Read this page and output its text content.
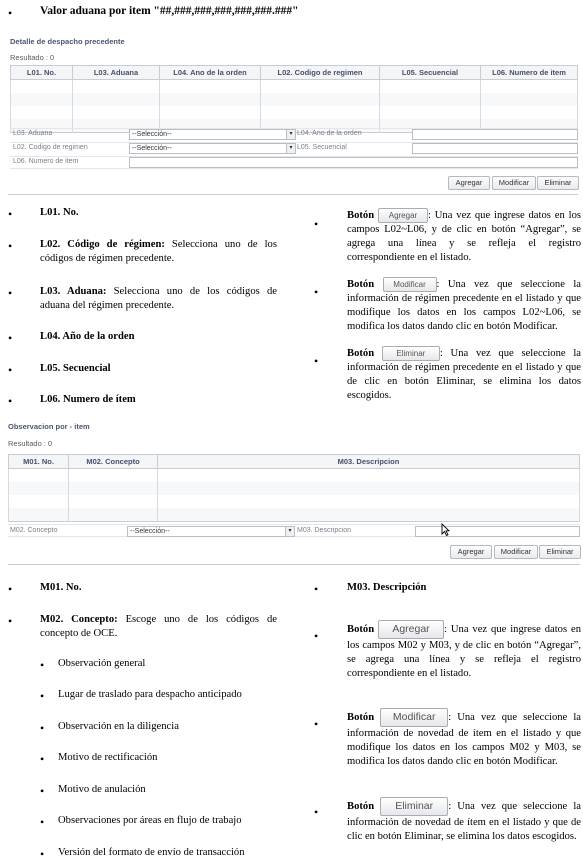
• Valor aduana por item "##,###,###,###,###,###.###"
Detalle de despacho precedente
Resultado : 0
L01. No.	L03. Aduana	L04. Ano de la orden	L02. Codigo de regimen	L05. Secuencial	L06. Numero de item

L03. Aduana	--Selección--	▾ L04. Ano de la orden
L02. Codigo de regimen	--Selección--	▾ L05. Secuencial
L06. Numero de item
Agregar	Modificar	Eliminar
•	L01. No.
•	L02. Código de régimen: Selecciona uno de los códigos de régimen precedente.
•	L03. Aduana: Selecciona uno de los códigos de aduana del régimen precedente.
•	L04. Año de la orden
•	L05. Secuencial
•	L06. Numero de ítem
•
Botón Agregar : Una vez que ingrese datos en los campos L02~L06, y de clic en botón “Agregar”, se agrega una línea y se refleja el registro correspondiente en el listado.
•
Botón Modificar : Una vez que seleccione la información de régimen precedente en el listado y que modifique los datos en los campos L02~L06, se modifica los datos dando clic en botón Modificar.
•
Botón	Eliminar : Una vez que seleccione la información de régimen precedente en el listado y que de clic en botón Eliminar, se elimina los datos escogidos.
Observacion por - item
Resultado : 0
M01. No.	M02. Concepto	M03. Descripcion

M02. Concepto	--Selección--	▾ M03. Descripcion
Agregar	Modificar	Eliminar
•	M01. No.
•	M02. Concepto: Escoge uno de los códigos de concepto de OCE.
• Observación general
• Lugar de traslado para despacho anticipado
• Observación en la diligencia
• Motivo de rectificación
• Motivo de anulación
• Observaciones por áreas en flujo de trabajo
• Versión del formato de envío de transacción
•	M03. Descripción
•	Botón Agregar : Una vez que ingrese datos en los campos M02 y M03, y de clic en botón “Agregar”, se agrega una línea y se refleja el registro correspondiente en el listado.
•	Botón Modificar : Una vez que seleccione la información de novedad de ítem en el listado y que modifique los datos en los campos M02 y M03, se modifica los datos dando clic en botón Modificar.
•	Botón Eliminar : Una vez que seleccione la información de novedad de ítem en el listado y que de clic en botón Eliminar, se elimina los datos escogidos.
